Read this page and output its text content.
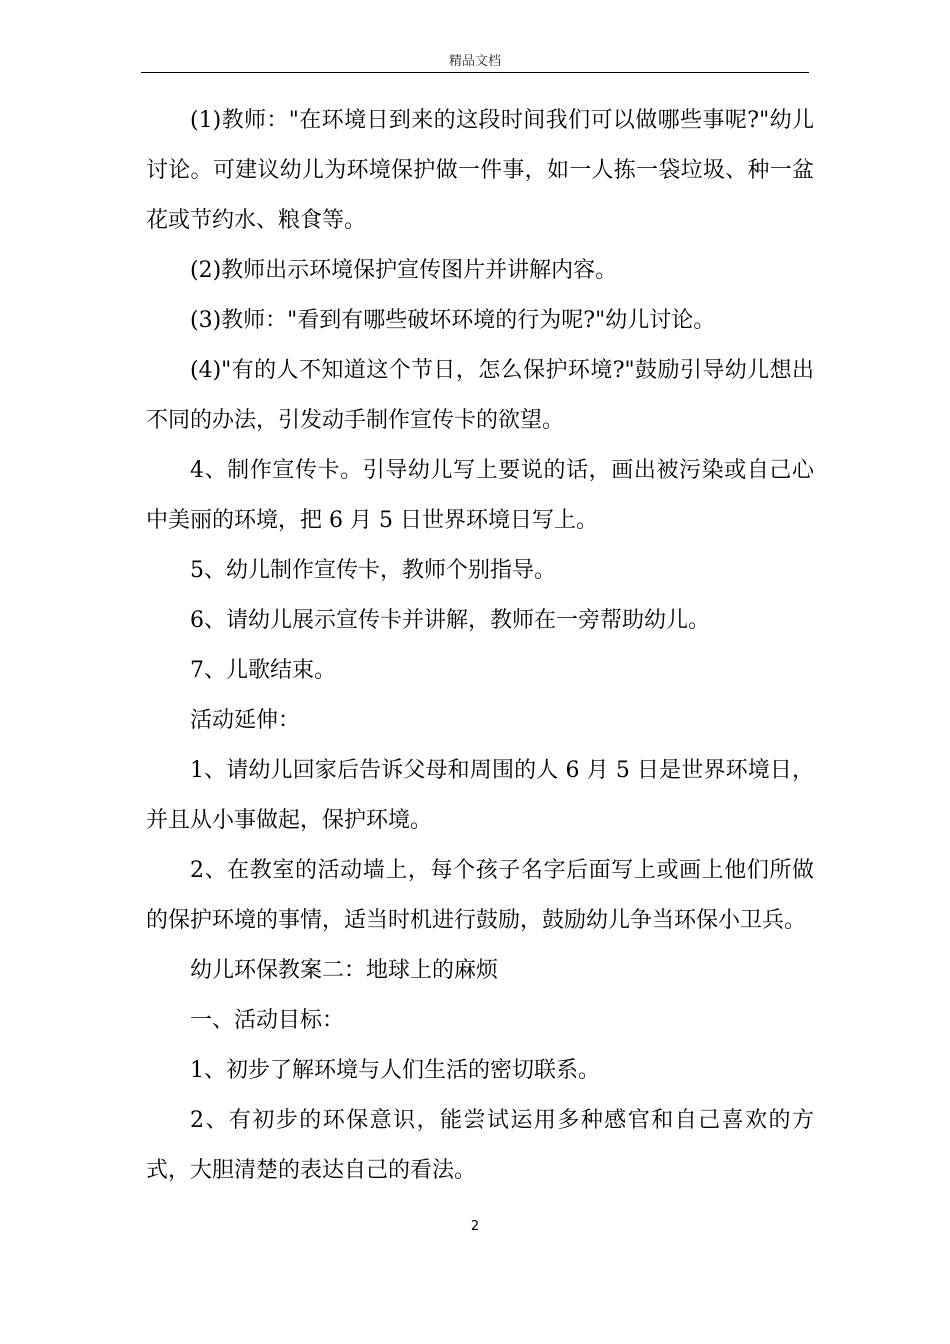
精品文档

(1)教师："在环境日到来的这段时间我们可以做哪些事呢?"幼儿讨论。可建议幼儿为环境保护做一件事，如一人拣一袋垃圾、种一盆花或节约水、粮食等。

(2)教师出示环境保护宣传图片并讲解内容。

(3)教师："看到有哪些破坏环境的行为呢?"幼儿讨论。

(4)"有的人不知道这个节日，怎么保护环境?"鼓励引导幼儿想出不同的办法，引发动手制作宣传卡的欲望。

4、制作宣传卡。引导幼儿写上要说的话，画出被污染或自己心中美丽的环境，把 6 月 5 日世界环境日写上。

5、幼儿制作宣传卡，教师个别指导。

6、请幼儿展示宣传卡并讲解，教师在一旁帮助幼儿。

7、儿歌结束。

活动延伸：

1、请幼儿回家后告诉父母和周围的人 6 月 5 日是世界环境日，并且从小事做起，保护环境。

2、在教室的活动墙上，每个孩子名字后面写上或画上他们所做的保护环境的事情，适当时机进行鼓励，鼓励幼儿争当环保小卫兵。

幼儿环保教案二：地球上的麻烦

一、活动目标：

1、初步了解环境与人们生活的密切联系。

2、有初步的环保意识，能尝试运用多种感官和自己喜欢的方式，大胆清楚的表达自己的看法。

2
